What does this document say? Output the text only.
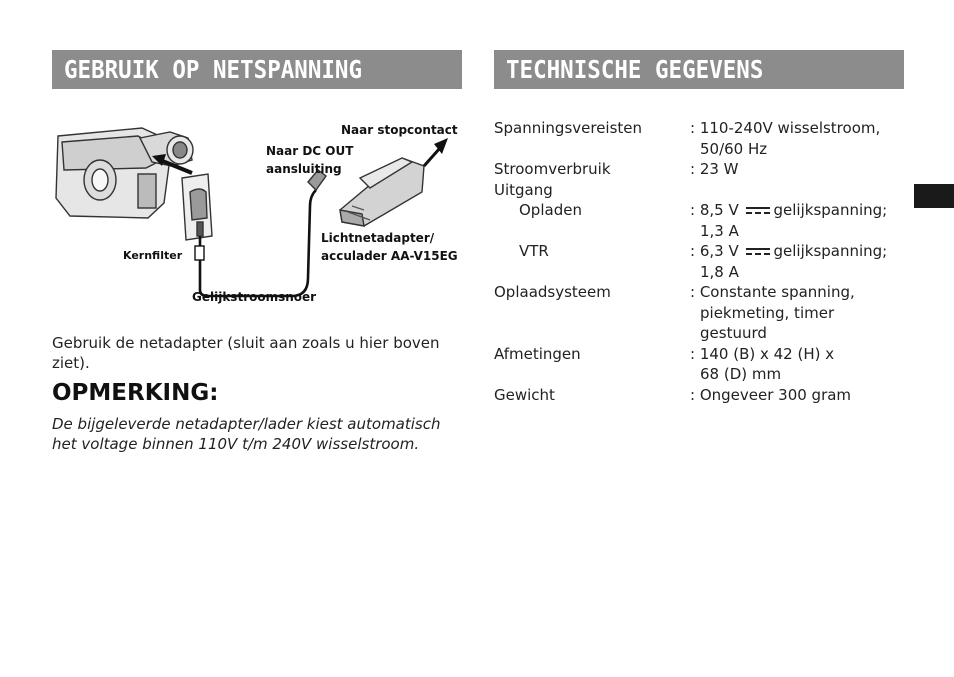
GEBRUIK OP NETSPANNING
Naar stopcontact
Naar DC OUT
aansluiting
Lichtnetadapter/
acculader AA-V15EG
Kernfilter
Gelijkstroomsnoer
Gebruik de netadapter (sluit aan zoals u hier boven ziet).
OPMERKING:
De bijgeleverde netadapter/lader kiest automatisch het voltage binnen 110V t/m 240V wisselstroom.
TECHNISCHE GEGEVENS
Spanningsvereisten	: 110-240V wisselstroom,
50/60 Hz
Stroomverbruik	: 23 W
Uitgang
Opladen	: 8,5 V gelijkspanning;
1,3 A
VTR	: 6,3 V gelijkspanning;
1,8 A
Oplaadsysteem	: Constante spanning,
piekmeting, timer
gestuurd
Afmetingen	: 140 (B) x 42 (H) x
68 (D) mm
Gewicht	: Ongeveer 300 gram
